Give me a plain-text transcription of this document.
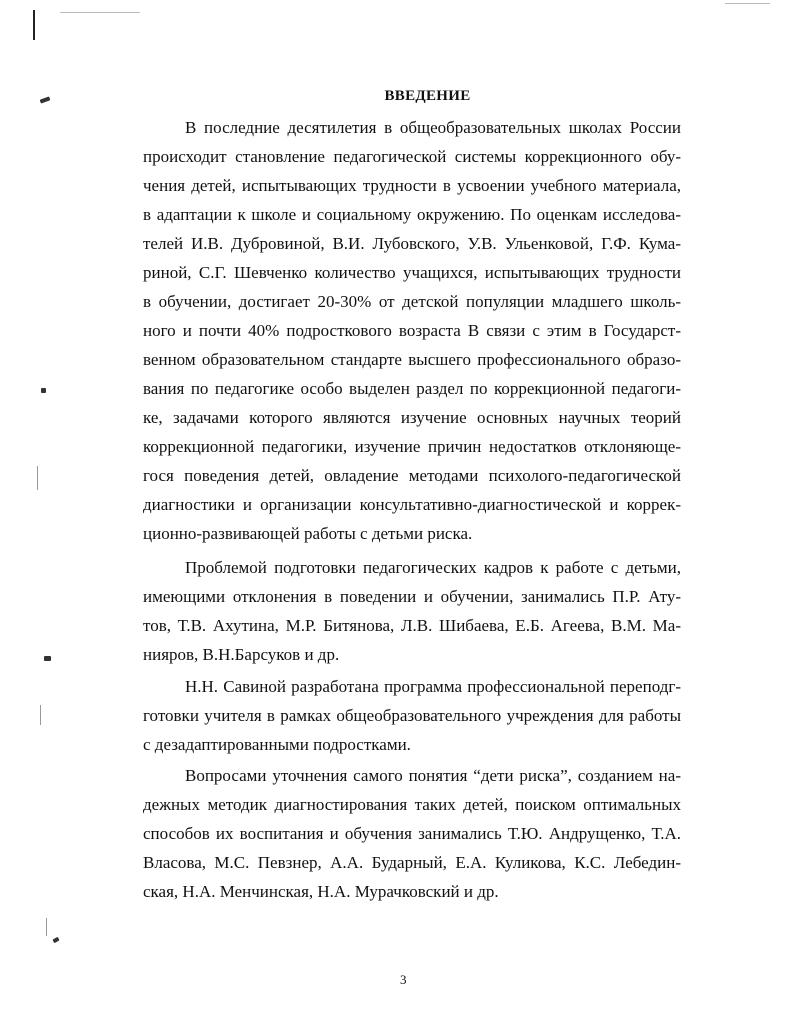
ВВЕДЕНИЕ
В последние десятилетия в общеобразовательных школах России
происходит становление педагогической системы коррекционного обу-
чения детей, испытывающих трудности в усвоении учебного материала,
в адаптации к школе и социальному окружению. По оценкам исследова-
телей И.В. Дубровиной, В.И. Лубовского, У.В. Ульенковой, Г.Ф. Кума-
риной, С.Г. Шевченко количество учащихся, испытывающих трудности
в обучении, достигает 20-30% от детской популяции младшего школь-
ного и почти 40% подросткового возраста В связи с этим в Государст-
венном образовательном стандарте высшего профессионального образо-
вания по педагогике особо выделен раздел по коррекционной педагоги-
ке, задачами которого являются изучение основных научных теорий
коррекционной педагогики, изучение причин недостатков отклоняюще-
гося поведения детей, овладение методами психолого-педагогической
диагностики и организации консультативно-диагностической и коррек-
ционно-развивающей работы с детьми риска.
Проблемой подготовки педагогических кадров к работе с детьми,
имеющими отклонения в поведении и обучении, занимались П.Р. Ату-
тов, Т.В. Ахутина, М.Р. Битянова, Л.В. Шибаева, Е.Б. Агеева, В.М. Ма-
нияров, В.Н.Барсуков и др.
Н.Н. Савиной разработана программа профессиональной переподг-
готовки учителя в рамках общеобразовательного учреждения для работы
с дезадаптированными подростками.
Вопросами уточнения самого понятия “дети риска”, созданием на-
дежных методик диагностирования таких детей, поиском оптимальных
способов их воспитания и обучения занимались Т.Ю. Андрущенко, Т.А.
Власова, М.С. Певзнер, А.А. Бударный, Е.А. Куликова, К.С. Лебедин-
ская, Н.А. Менчинская, Н.А. Мурачковский и др.
3
